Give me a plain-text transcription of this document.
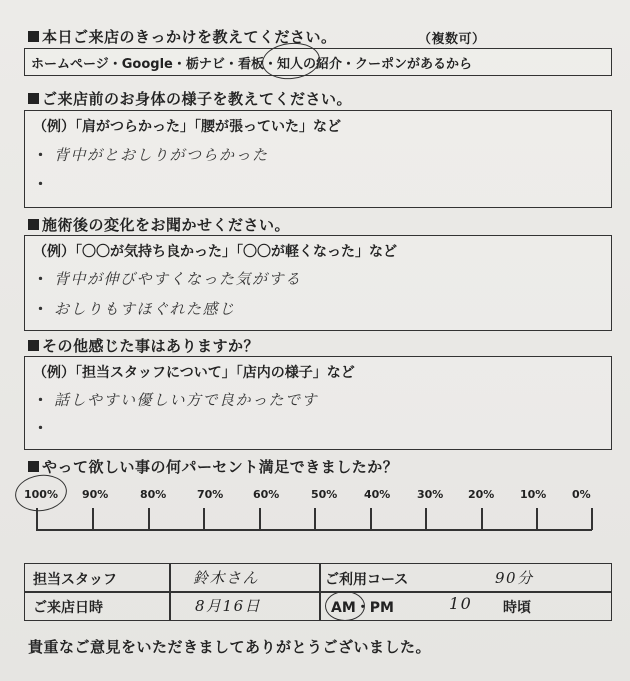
本日ご来店のきっかけを教えてください。	（複数可）
ホームページ・Google・栃ナビ・看板・知人の紹介・クーポンがあるから
ご来店前のお身体の様子を教えてください。
（例）「肩がつらかった」「腰が張っていた」など
・ 背中がとおしりがつらかった
・
施術後の変化をお聞かせください。
（例）「〇〇が気持ち良かった」「〇〇が軽くなった」など
・ 背中が伸びやすくなった気がする
・ おしりもすほぐれた感じ
その他感じた事はありますか？
（例）「担当スタッフについて」「店内の様子」など
・ 話しやすい優しい方で良かったです
・
やって欲しい事の何パーセント満足できましたか？
100% 90%	80%	70%	60%	50% 40% 30% 20% 10% 0%
担当スタッフ	鈴木さん	ご利用コース	90分
ご来店日時	8月16日	AM・PM	10 時頃
貴重なご意見をいただきましてありがとうございました。
